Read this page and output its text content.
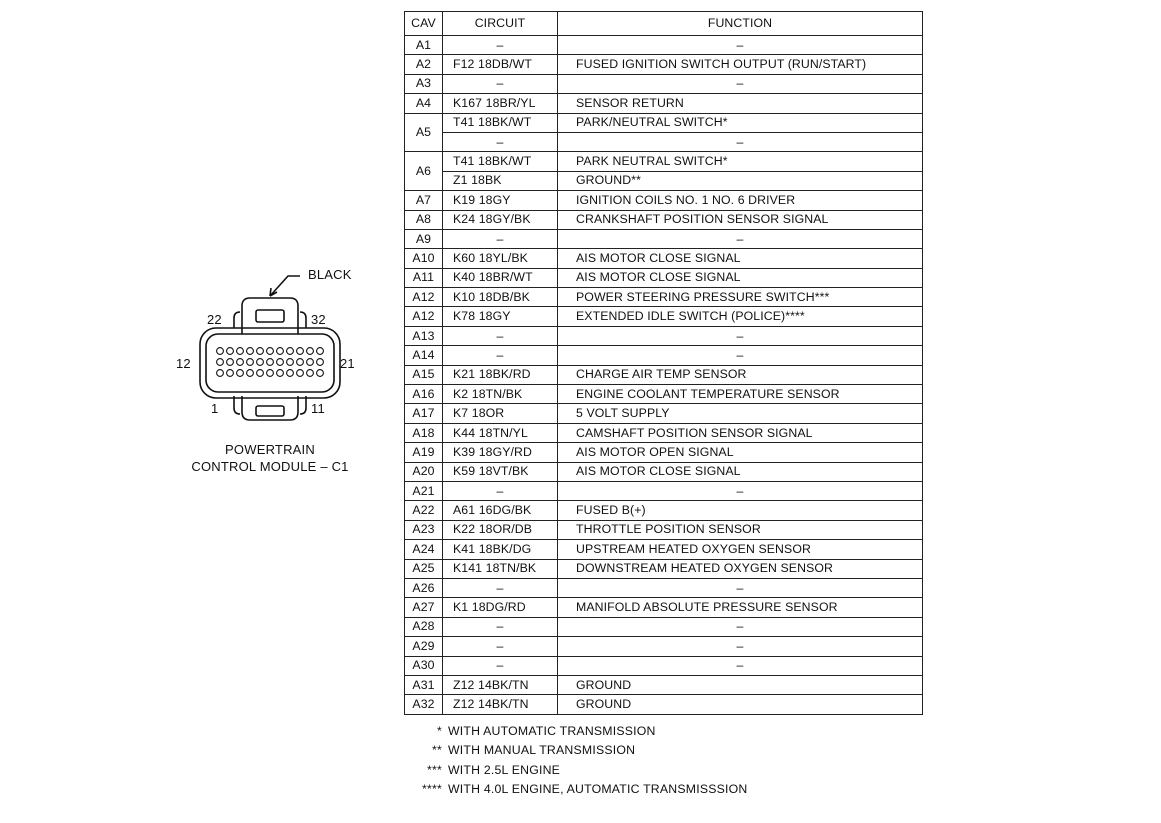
BLACK
22	32
12	21
1	11
POWERTRAIN
CONTROL MODULE – C1
CAV	CIRCUIT	FUNCTION
A1	–	–
A2	F12 18DB/WT	FUSED IGNITION SWITCH OUTPUT (RUN/START)
A3	–	–
A4	K167 18BR/YL	SENSOR RETURN
A5	T41 18BK/WT	PARK/NEUTRAL SWITCH*
	–	–
A6	T41 18BK/WT	PARK NEUTRAL SWITCH*
	Z1 18BK	GROUND**
A7	K19 18GY	IGNITION COILS NO. 1 NO. 6 DRIVER
A8	K24 18GY/BK	CRANKSHAFT POSITION SENSOR SIGNAL
A9	–	–
A10	K60 18YL/BK	AIS MOTOR CLOSE SIGNAL
A11	K40 18BR/WT	AIS MOTOR CLOSE SIGNAL
A12	K10 18DB/BK	POWER STEERING PRESSURE SWITCH***
A12	K78 18GY	EXTENDED IDLE SWITCH (POLICE)****
A13	–	–
A14	–	–
A15	K21 18BK/RD	CHARGE AIR TEMP SENSOR
A16	K2 18TN/BK	ENGINE COOLANT TEMPERATURE SENSOR
A17	K7 18OR	5 VOLT SUPPLY
A18	K44 18TN/YL	CAMSHAFT POSITION SENSOR SIGNAL
A19	K39 18GY/RD	AIS MOTOR OPEN SIGNAL
A20	K59 18VT/BK	AIS MOTOR CLOSE SIGNAL
A21	–	–
A22	A61 16DG/BK	FUSED B(+)
A23	K22 18OR/DB	THROTTLE POSITION SENSOR
A24	K41 18BK/DG	UPSTREAM HEATED OXYGEN SENSOR
A25	K141 18TN/BK	DOWNSTREAM HEATED OXYGEN SENSOR
A26	–	–
A27	K1 18DG/RD	MANIFOLD ABSOLUTE PRESSURE SENSOR
A28	–	–
A29	–	–
A30	–	–
A31	Z12 14BK/TN	GROUND
A32	Z12 14BK/TN	GROUND
* WITH AUTOMATIC TRANSMISSION
** WITH MANUAL TRANSMISSION
*** WITH 2.5L ENGINE
**** WITH 4.0L ENGINE, AUTOMATIC TRANSMISSSION
